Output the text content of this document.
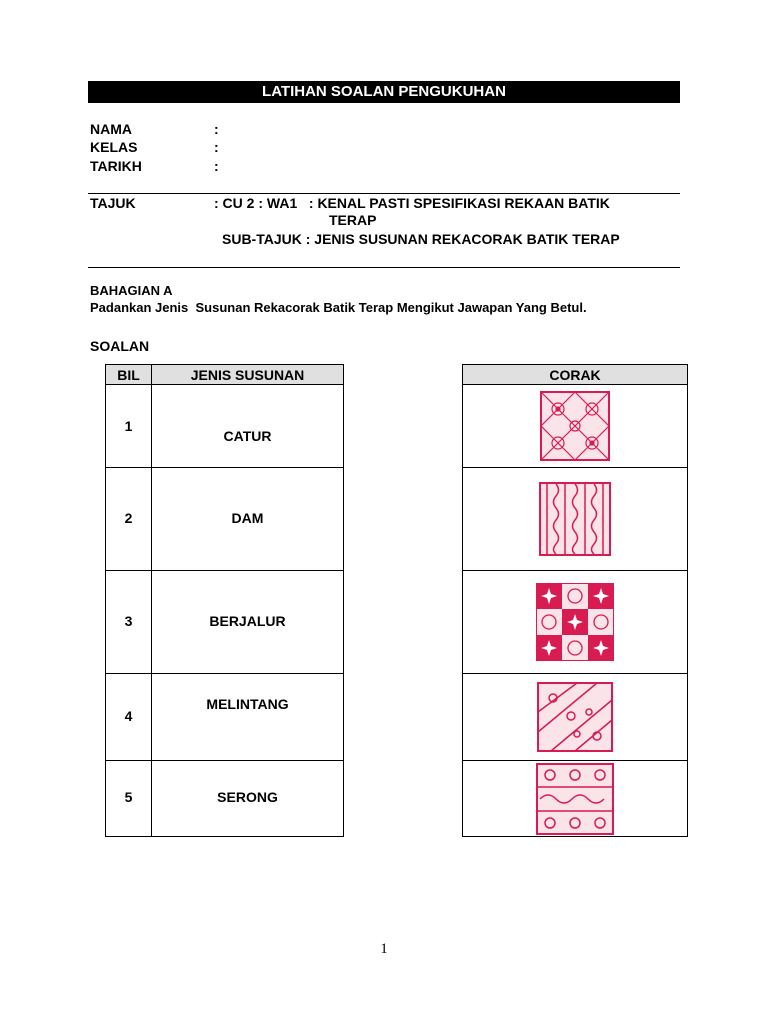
LATIHAN SOALAN PENGUKUHAN
NAMA	:
KELAS	:
TARIKH	:
TAJUK	: CU 2 : WA1   : KENAL PASTI SPESIFIKASI REKAAN BATIK
TERAP
SUB-TAJUK : JENIS SUSUNAN REKACORAK BATIK TERAP
BAHAGIAN A
Padankan Jenis  Susunan Rekacorak Batik Terap Mengikut Jawapan Yang Betul.
SOALAN
BIL	JENIS SUSUNAN
1	CATUR
2	DAM
3	BERJALUR
4	MELINTANG
5	SERONG
CORAK

1
